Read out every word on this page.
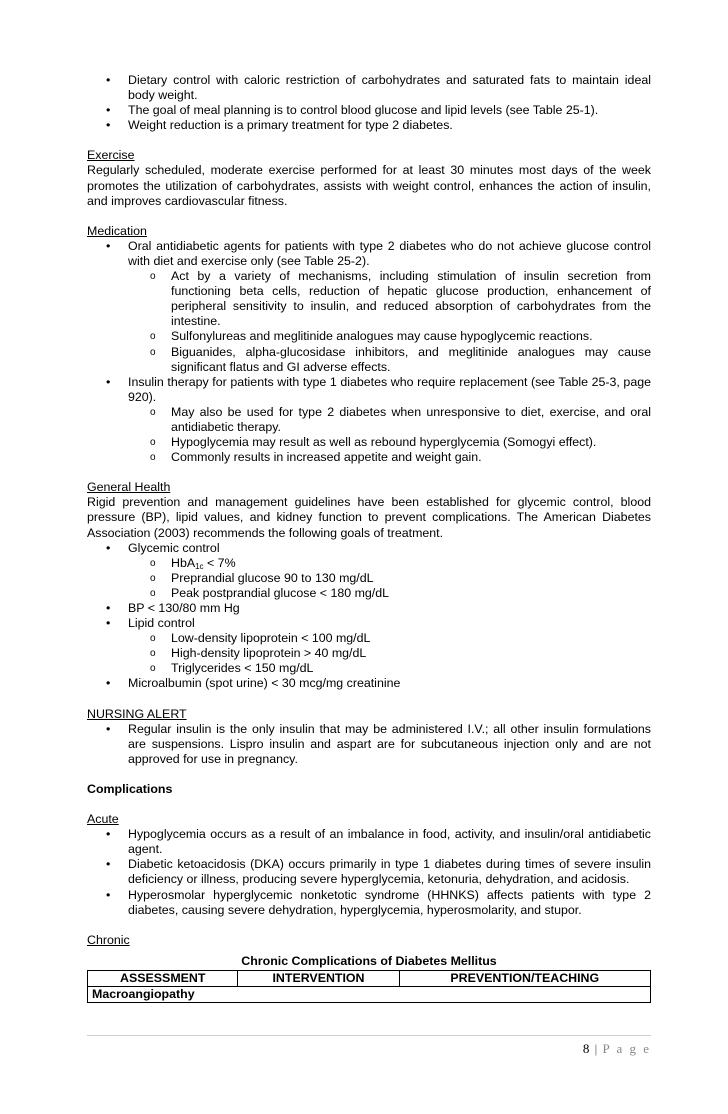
• Dietary control with caloric restriction of carbohydrates and saturated fats to maintain ideal body weight.
• The goal of meal planning is to control blood glucose and lipid levels (see Table 25-1).
• Weight reduction is a primary treatment for type 2 diabetes.
Exercise
Regularly scheduled, moderate exercise performed for at least 30 minutes most days of the week promotes the utilization of carbohydrates, assists with weight control, enhances the action of insulin, and improves cardiovascular fitness.
Medication
• Oral antidiabetic agents for patients with type 2 diabetes who do not achieve glucose control with diet and exercise only (see Table 25-2).
o Act by a variety of mechanisms, including stimulation of insulin secretion from functioning beta cells, reduction of hepatic glucose production, enhancement of peripheral sensitivity to insulin, and reduced absorption of carbohydrates from the intestine.
o Sulfonylureas and meglitinide analogues may cause hypoglycemic reactions.
o Biguanides, alpha-glucosidase inhibitors, and meglitinide analogues may cause significant flatus and GI adverse effects.
• Insulin therapy for patients with type 1 diabetes who require replacement (see Table 25-3, page 920).
o May also be used for type 2 diabetes when unresponsive to diet, exercise, and oral antidiabetic therapy.
o Hypoglycemia may result as well as rebound hyperglycemia (Somogyi effect).
o Commonly results in increased appetite and weight gain.
General Health
Rigid prevention and management guidelines have been established for glycemic control, blood pressure (BP), lipid values, and kidney function to prevent complications. The American Diabetes Association (2003) recommends the following goals of treatment.
• Glycemic control
o HbA$_{1c}$ < 7%
o Preprandial glucose 90 to 130 mg/dL
o Peak postprandial glucose < 180 mg/dL
• BP < 130/80 mm Hg
• Lipid control
o Low-density lipoprotein < 100 mg/dL
o High-density lipoprotein > 40 mg/dL
o Triglycerides < 150 mg/dL
• Microalbumin (spot urine) < 30 mcg/mg creatinine
NURSING ALERT
• Regular insulin is the only insulin that may be administered I.V.; all other insulin formulations are suspensions. Lispro insulin and aspart are for subcutaneous injection only and are not approved for use in pregnancy.
Complications
Acute
• Hypoglycemia occurs as a result of an imbalance in food, activity, and insulin/oral antidiabetic agent.
• Diabetic ketoacidosis (DKA) occurs primarily in type 1 diabetes during times of severe insulin deficiency or illness, producing severe hyperglycemia, ketonuria, dehydration, and acidosis.
• Hyperosmolar hyperglycemic nonketotic syndrome (HHNKS) affects patients with type 2 diabetes, causing severe dehydration, hyperglycemia, hyperosmolarity, and stupor.
Chronic
Chronic Complications of Diabetes Mellitus
ASSESSMENT	INTERVENTION	PREVENTION/TEACHING
Macroangiopathy
8 | P a g e
